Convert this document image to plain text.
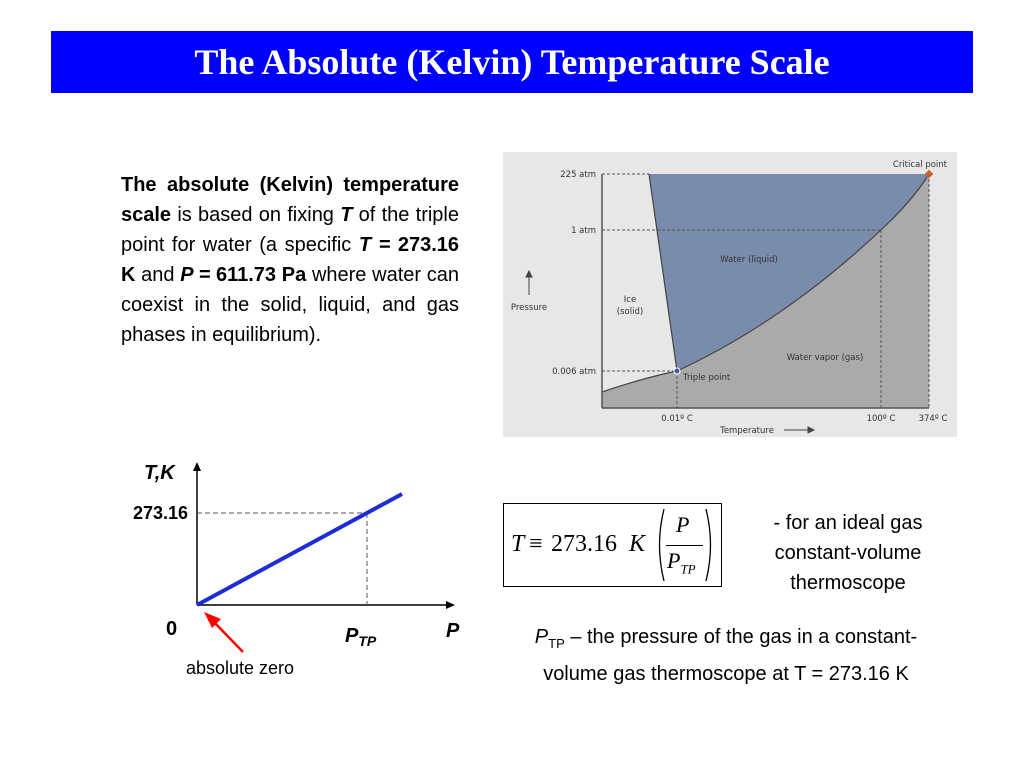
The Absolute (Kelvin) Temperature Scale
The absolute (Kelvin) temperature scale is based on fixing T of the triple point for water (a specific T = 273.16 K and P = 611.73 Pa where water can coexist in the solid, liquid, and gas phases in equilibrium).
225 atm
1 atm
0.006 atm
0.01º C	100º C	374º C
Critical point
Triple point
Ice
(solid)
Water (liquid)
Water vapor (gas)
Pressure
Temperature
T,K
273.16
0	P
$P_{TP}$
absolute zero
T ≡ 273.16 K
P
$P_{TP}$
- for an ideal gas constant-volume thermoscope
$P_{TP}$ – the pressure of the gas in a constant-volume gas thermoscope at T = 273.16 K
